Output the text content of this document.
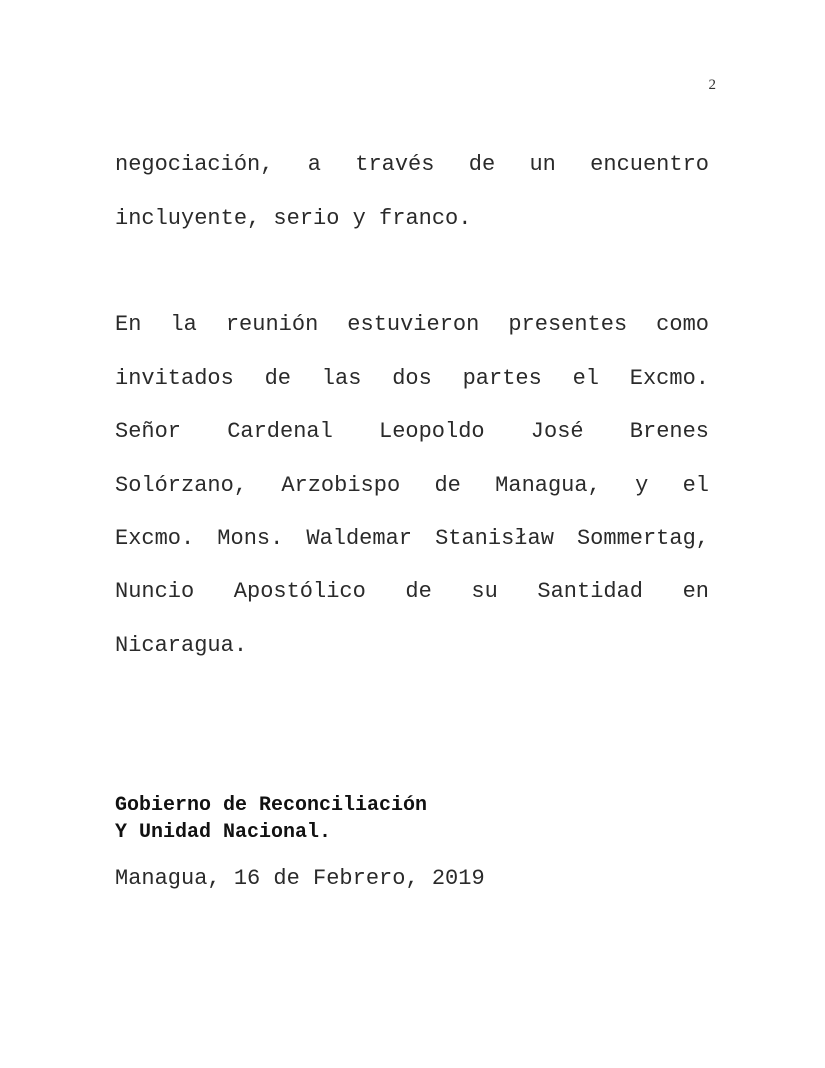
2
negociación, a través de un encuentro
incluyente, serio y franco.
En la reunión estuvieron presentes como
invitados de las dos partes el Excmo.
Señor Cardenal Leopoldo José Brenes
Solórzano, Arzobispo de Managua, y el
Excmo. Mons. Waldemar Stanisław Sommertag,
Nuncio Apostólico de su Santidad en
Nicaragua.
Gobierno de Reconciliación
Y Unidad Nacional.
Managua, 16 de Febrero, 2019
